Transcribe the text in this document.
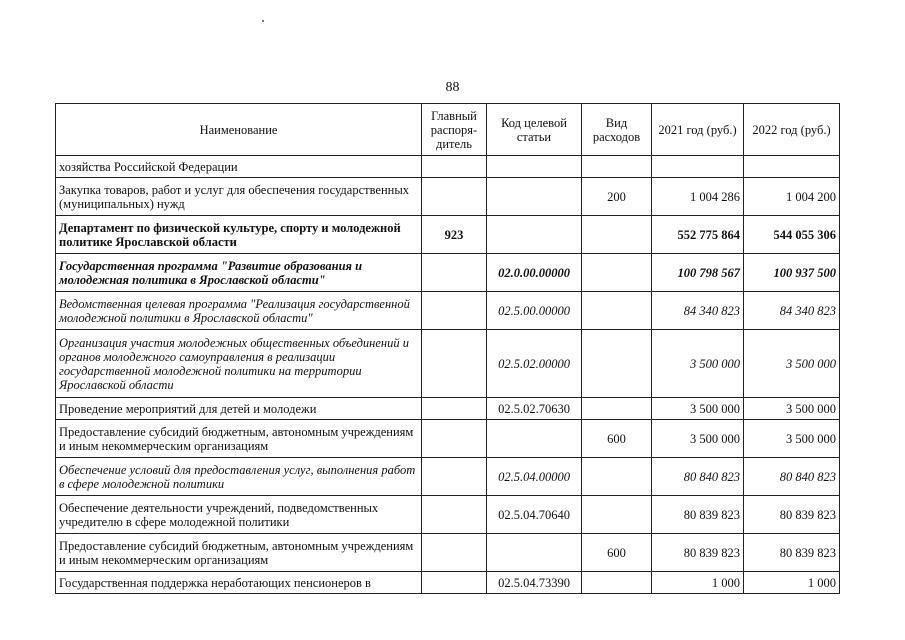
88
Наименование	Главный распоря-дитель	Код целевой статьи	Вид расходов	2021 год (руб.)	2022 год (руб.)
хозяйства Российской Федерации					
Закупка товаров, работ и услуг для обеспечения государственных (муниципальных) нужд			200	1 004 286	1 004 200
Департамент по физической культуре, спорту и молодежной политике Ярославской области	923			552 775 864	544 055 306
Государственная программа "Развитие образования и молодежная политика в Ярославской области"		02.0.00.00000		100 798 567	100 937 500
Ведомственная целевая программа "Реализация государственной молодежной политики в Ярославской области"		02.5.00.00000		84 340 823	84 340 823
Организация участия молодежных общественных объединений и органов молодежного самоуправления в реализации государственной молодежной политики на территории Ярославской области		02.5.02.00000		3 500 000	3 500 000
Проведение мероприятий для детей и молодежи		02.5.02.70630		3 500 000	3 500 000
Предоставление субсидий бюджетным, автономным учреждениям и иным некоммерческим организациям			600	3 500 000	3 500 000
Обеспечение условий для предоставления услуг, выполнения работ в сфере молодежной политики		02.5.04.00000		80 840 823	80 840 823
Обеспечение деятельности учреждений, подведомственных учредителю в сфере молодежной политики		02.5.04.70640		80 839 823	80 839 823
Предоставление субсидий бюджетным, автономным учреждениям и иным некоммерческим организациям			600	80 839 823	80 839 823
Государственная поддержка неработающих пенсионеров в		02.5.04.73390		1 000	1 000
